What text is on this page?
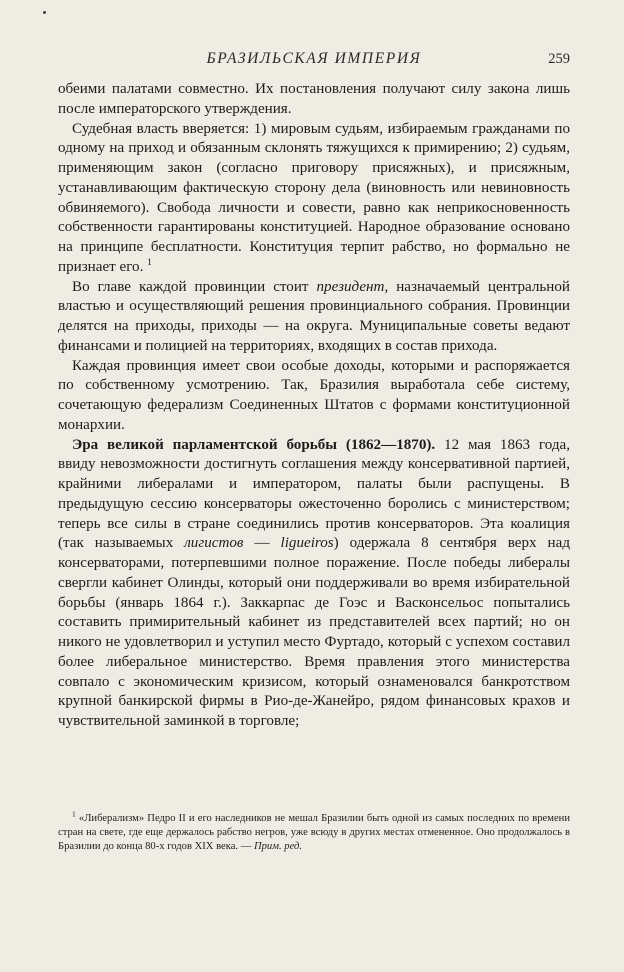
БРАЗИЛЬСКАЯ ИМПЕРИЯ	259

обеими палатами совместно. Их постановления получают силу закона лишь после императорского утверждения.

Судебная власть вверяется: 1) мировым судьям, избираемым гражданами по одному на приход и обязанным склонять тяжущихся к примирению; 2) судьям, применяющим закон (согласно приговору присяжных), и присяжным, устанавливающим фактическую сторону дела (виновность или невиновность обвиняемого). Свобода личности и совести, равно как неприкосновенность собственности гарантированы конституцией. Народное образование основано на принципе бесплатности. Конституция терпит рабство, но формально не признает его. $^1$

Во главе каждой провинции стоит президент, назначаемый центральной властью и осуществляющий решения провинциального собрания. Провинции делятся на приходы, приходы — на округа. Муниципальные советы ведают финансами и полицией на территориях, входящих в состав прихода.

Каждая провинция имеет свои особые доходы, которыми и распоряжается по собственному усмотрению. Так, Бразилия выработала себе систему, сочетающую федерализм Соединенных Штатов с формами конституционной монархии.

Эра великой парламентской борьбы (1862—1870). 12 мая 1863 года, ввиду невозможности достигнуть соглашения между консервативной партией, крайними либералами и императором, палаты были распущены. В предыдущую сессию консерваторы ожесточенно боролись с министерством; теперь все силы в стране соединились против консерваторов. Эта коалиция (так называемых лигистов — ligueiros) одержала 8 сентября верх над консерваторами, потерпевшими полное поражение. После победы либералы свергли кабинет Олинды, который они поддерживали во время избирательной борьбы (январь 1864 г.). Заккарпас де Гоэс и Васконсельос попытались составить примирительный кабинет из представителей всех партий; но он никого не удовлетворил и уступил место Фуртадо, который с успехом составил более либеральное министерство. Время правления этого министерства совпало с экономическим кризисом, который ознаменовался банкротством крупной банкирской фирмы в Рио-де-Жанейро, рядом финансовых крахов и чувствительной заминкой в торговле;

$^1$ «Либерализм» Педро II и его наследников не мешал Бразилии быть одной из самых последних по времени стран на свете, где еще держалось рабство негров, уже всюду в других местах отмененное. Оно продолжалось в Бразилии до конца 80-х годов XIX века. — Прим. ред.
